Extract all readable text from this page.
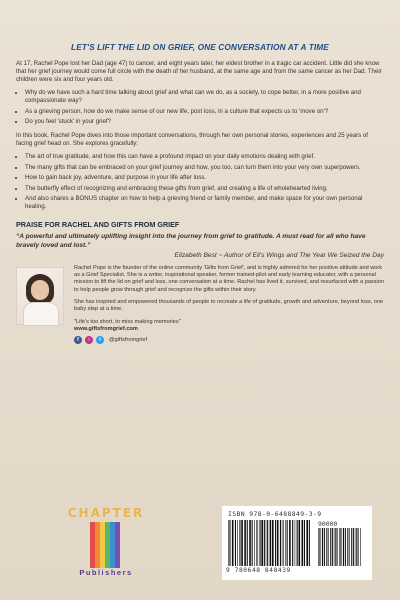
LET'S LIFT THE LID ON GRIEF, ONE CONVERSATION AT A TIME

At 17, Rachel Pope lost her Dad (age 47) to cancer, and eight years later, her eldest brother in a tragic car accident. Little did she know that her grief journey would come full circle with the death of her husband, at the same age and from the same cancer as her Dad. Their children were six and four years old.

• Why do we have such a hard time talking about grief and what can we do, as a society, to cope better, in a more positive and compassionate way?
• As a grieving person, how do we make sense of our new life, post loss, in a culture that expects us to 'move on'?
• Do you feel 'stuck' in your grief?

In this book, Rachel Pope dives into those important conversations, through her own personal stories, experiences and 25 years of facing grief head on. She explores gracefully:

• The art of true gratitude, and how this can have a profound impact on your daily emotions dealing with grief.
• The many gifts that can be embraced on your grief journey and how, you too, can turn them into your very own superpowers.
• How to gain back joy, adventure, and purpose in your life after loss.
• The butterfly effect of recognizing and embracing these gifts from grief, and creating a life of wholehearted living.
• And also shares a BONUS chapter on how to help a grieving friend or family member, and make space for your own personal healing.
PRAISE FOR RACHEL AND GIFTS FROM GRIEF

“A powerful and ultimately uplifting insight into the journey from grief to gratitude. A must read for all who have bravely loved and lost.”

Elizabeth Best ~ Author of Eli's Wings and The Year We Seized the Day

Rachel Pope is the founder of the online community 'Gifts from Grief', and is highly admired for her positive attitude and work as a Grief Specialist. She is a writer, inspirational speaker, former trained-pilot and early learning educator, with a personal mission to lift the lid on grief and loss, one conversation at a time. Rachel has lived it, survived, and resurfaced with a passion to help people grow through grief and recognize the gifts within their story.

She has inspired and empowered thousands of people to recreate a life of gratitude, growth and adventure, beyond loss, one baby step at a time.

"Life's too short, to miss making memories"

www.giftsfromgrief.com

f	○	t	@giftsfromgrief
CHAPTER
Publishers
ISBN 978-0-6488849-3-9
90000
9 780648 848439
